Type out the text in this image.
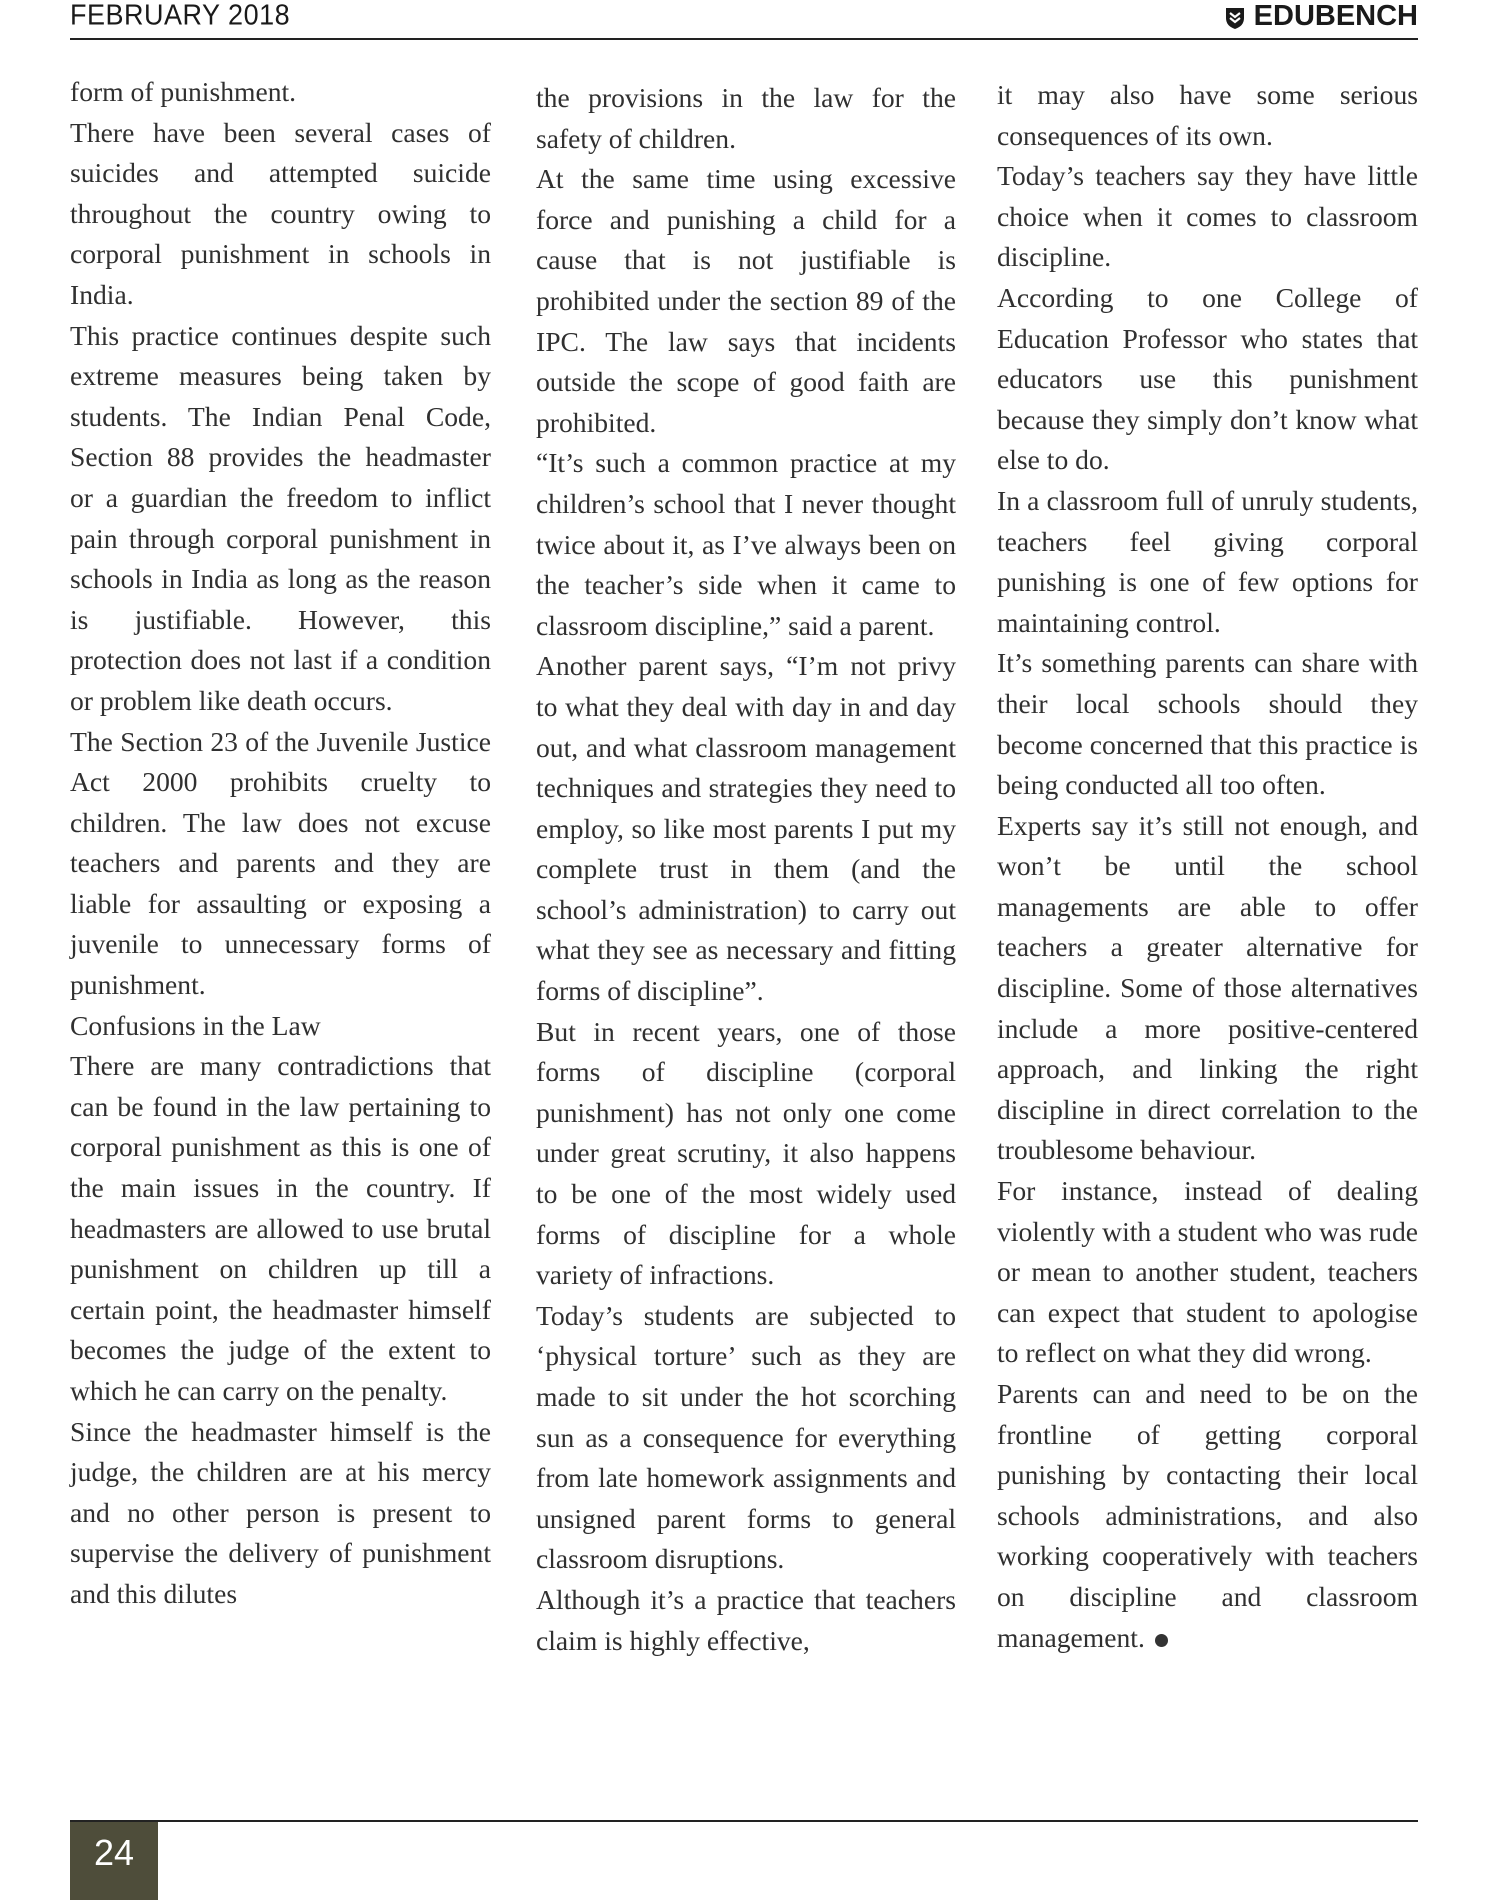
FEBRUARY 2018	EDUBENCH

form of punishment.

There have been several cases of suicides and attempted suicide throughout the country owing to corporal punishment in schools in India.

This practice continues despite such extreme measures being taken by students. The Indian Penal Code, Section 88 provides the headmaster or a guardian the freedom to inflict pain through corporal punishment in schools in India as long as the reason is justifiable. However, this protection does not last if a condition or problem like death occurs.

The Section 23 of the Juvenile Justice Act 2000 prohibits cruelty to children. The law does not excuse teachers and parents and they are liable for assaulting or exposing a juvenile to unnecessary forms of punishment.

Confusions in the Law

There are many contradictions that can be found in the law pertaining to corporal punishment as this is one of the main issues in the country. If headmasters are allowed to use brutal punishment on children up till a certain point, the headmaster himself becomes the judge of the extent to which he can carry on the penalty.

Since the headmaster himself is the judge, the children are at his mercy and no other person is present to supervise the delivery of punishment and this dilutes

the provisions in the law for the safety of children.

At the same time using excessive force and punishing a child for a cause that is not justifiable is prohibited under the section 89 of the IPC. The law says that incidents outside the scope of good faith are prohibited.

“It’s such a common practice at my children’s school that I never thought twice about it, as I’ve always been on the teacher’s side when it came to classroom discipline,” said a parent.

Another parent says, “I’m not privy to what they deal with day in and day out, and what classroom management techniques and strategies they need to employ, so like most parents I put my complete trust in them (and the school’s administration) to carry out what they see as necessary and fitting forms of discipline”.

But in recent years, one of those forms of discipline (corporal punishment) has not only one come under great scrutiny, it also happens to be one of the most widely used forms of discipline for a whole variety of infractions.

Today’s students are subjected to ‘physical torture’ such as they are made to sit under the hot scorching sun as a consequence for everything from late homework assignments and unsigned parent forms to general classroom disruptions.

Although it’s a practice that teachers claim is highly effective,

it may also have some serious consequences of its own.

Today’s teachers say they have little choice when it comes to classroom discipline.

According to one College of Education Professor who states that educators use this punishment because they simply don’t know what else to do.

In a classroom full of unruly students, teachers feel giving corporal punishing is one of few options for maintaining control.

It’s something parents can share with their local schools should they become concerned that this practice is being conducted all too often.

Experts say it’s still not enough, and won’t be until the school managements are able to offer teachers a greater alternative for discipline. Some of those alternatives include a more positive-centered approach, and linking the right discipline in direct correlation to the troublesome behaviour.

For instance, instead of dealing violently with a student who was rude or mean to another student, teachers can expect that student to apologise to reflect on what they did wrong.

Parents can and need to be on the frontline of getting corporal punishing by contacting their local schools administrations, and also working cooperatively with teachers on discipline and classroom management.

24
